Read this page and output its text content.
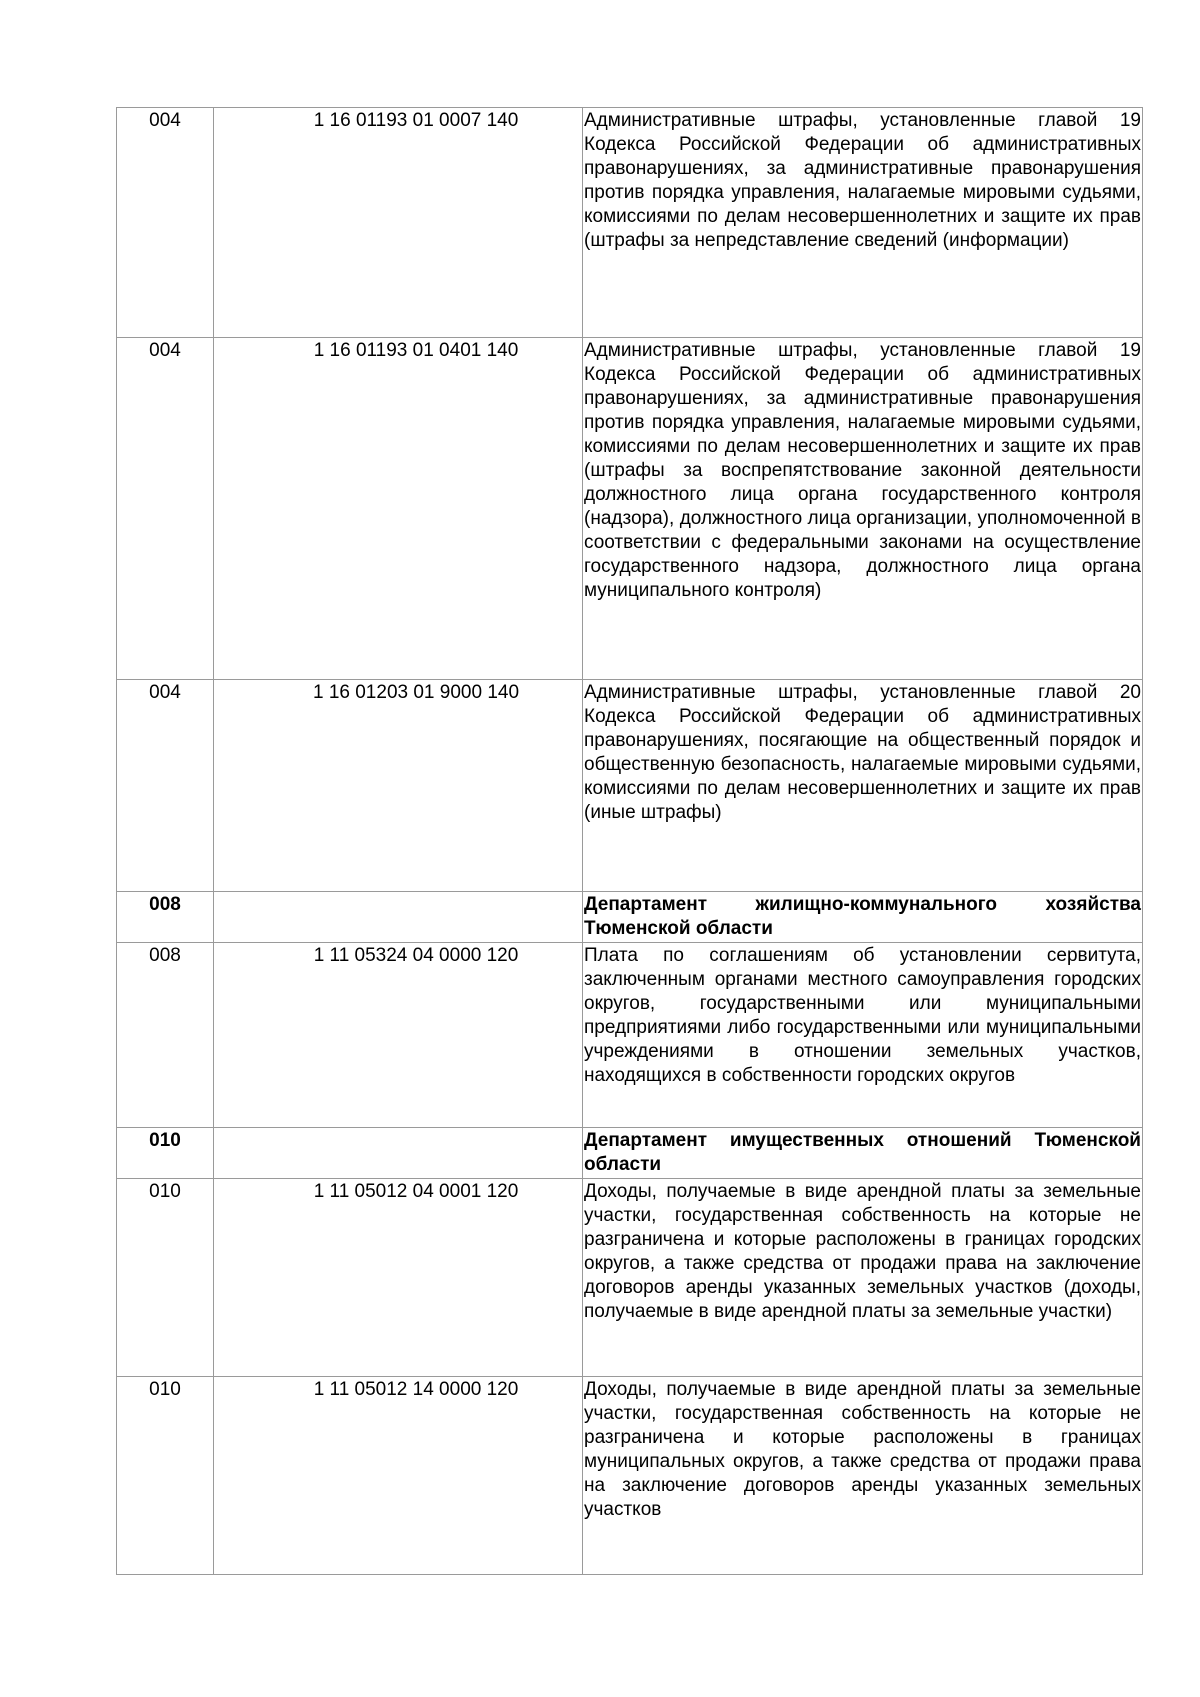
004	1 16 01193 01 0007 140	Административные штрафы, установленные главой 19 Кодекса Российской Федерации об административных правонарушениях, за административные правонарушения против порядка управления, налагаемые мировыми судьями, комиссиями по делам несовершеннолетних и защите их прав (штрафы за непредставление сведений (информации)
004	1 16 01193 01 0401 140	Административные штрафы, установленные главой 19 Кодекса Российской Федерации об административных правонарушениях, за административные правонарушения против порядка управления, налагаемые мировыми судьями, комиссиями по делам несовершеннолетних и защите их прав (штрафы за воспрепятствование законной деятельности должностного лица органа государственного контроля (надзора), должностного лица организации, уполномоченной в соответствии с федеральными законами на осуществление государственного надзора, должностного лица органа муниципального контроля)
004	1 16 01203 01 9000 140	Административные штрафы, установленные главой 20 Кодекса Российской Федерации об административных правонарушениях, посягающие на общественный порядок и общественную безопасность, налагаемые мировыми судьями, комиссиями по делам несовершеннолетних и защите их прав (иные штрафы)
008		Департамент жилищно-коммунального хозяйства Тюменской области
008	1 11 05324 04 0000 120	Плата по соглашениям об установлении сервитута, заключенным органами местного самоуправления городских округов, государственными или муниципальными предприятиями либо государственными или муниципальными учреждениями в отношении земельных участков, находящихся в собственности городских округов
010		Департамент имущественных отношений Тюменской области
010	1 11 05012 04 0001 120	Доходы, получаемые в виде арендной платы за земельные участки, государственная собственность на которые не разграничена и которые расположены в границах городских округов, а также средства от продажи права на заключение договоров аренды указанных земельных участков (доходы, получаемые в виде арендной платы за земельные участки)
010	1 11 05012 14 0000 120	Доходы, получаемые в виде арендной платы за земельные участки, государственная собственность на которые не разграничена и которые расположены в границах муниципальных округов, а также средства от продажи права на заключение договоров аренды указанных земельных участков
